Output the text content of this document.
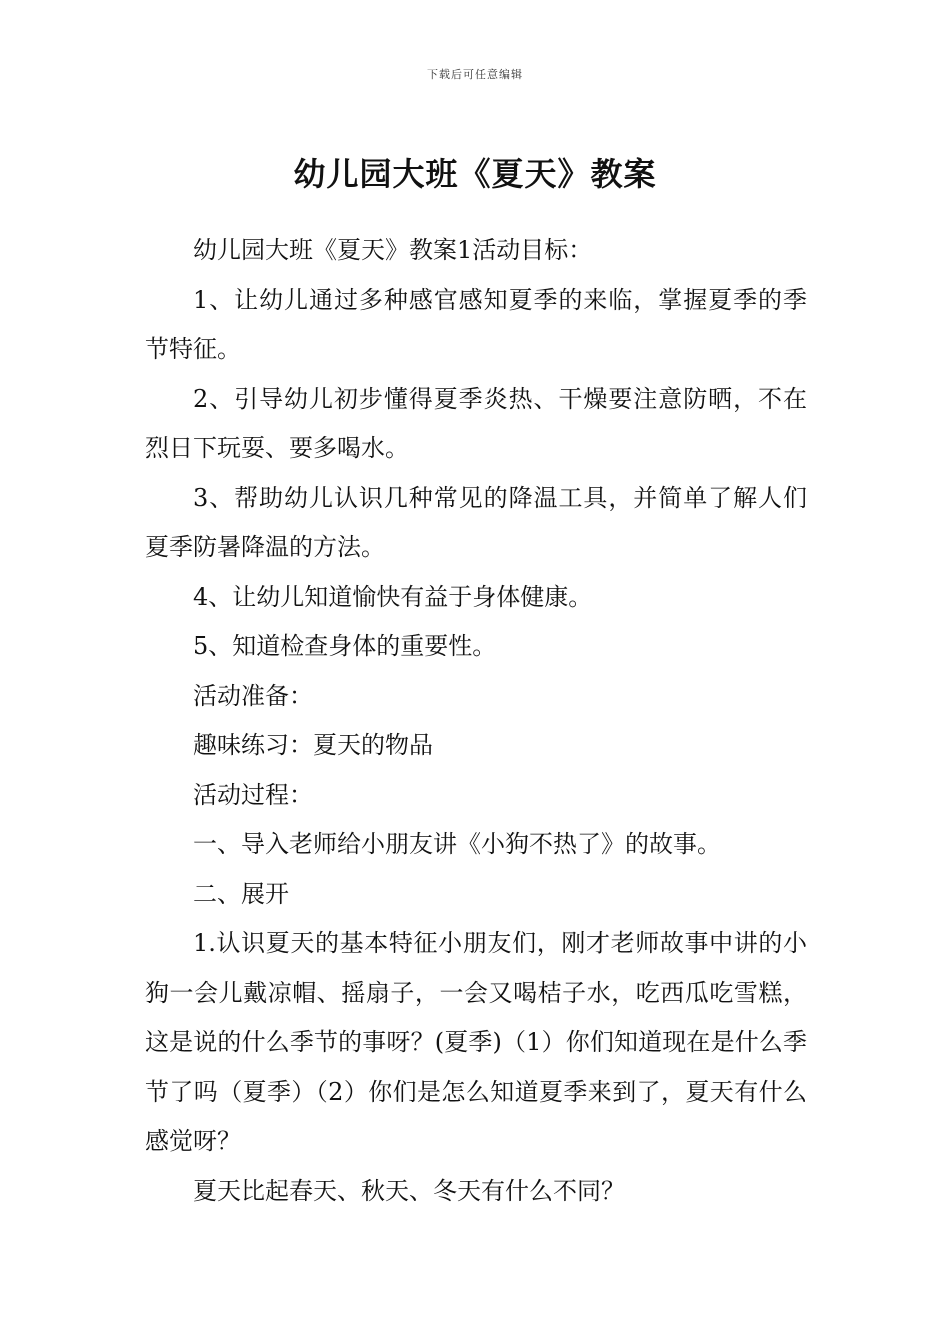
下载后可任意编辑
幼儿园大班《夏天》教案

幼儿园大班《夏天》教案1活动目标：

1、让幼儿通过多种感官感知夏季的来临，掌握夏季的季节特征。

2、引导幼儿初步懂得夏季炎热、干燥要注意防晒，不在烈日下玩耍、要多喝水。

3、帮助幼儿认识几种常见的降温工具，并简单了解人们夏季防暑降温的方法。

4、让幼儿知道愉快有益于身体健康。

5、知道检查身体的重要性。

活动准备：

趣味练习：夏天的物品

活动过程：

一、导入老师给小朋友讲《小狗不热了》的故事。

二、展开

1.认识夏天的基本特征小朋友们，刚才老师故事中讲的小狗一会儿戴凉帽、摇扇子，一会又喝桔子水，吃西瓜吃雪糕，这是说的什么季节的事呀？(夏季)（1）你们知道现在是什么季节了吗（夏季）（2）你们是怎么知道夏季来到了，夏天有什么感觉呀？

夏天比起春天、秋天、冬天有什么不同？
